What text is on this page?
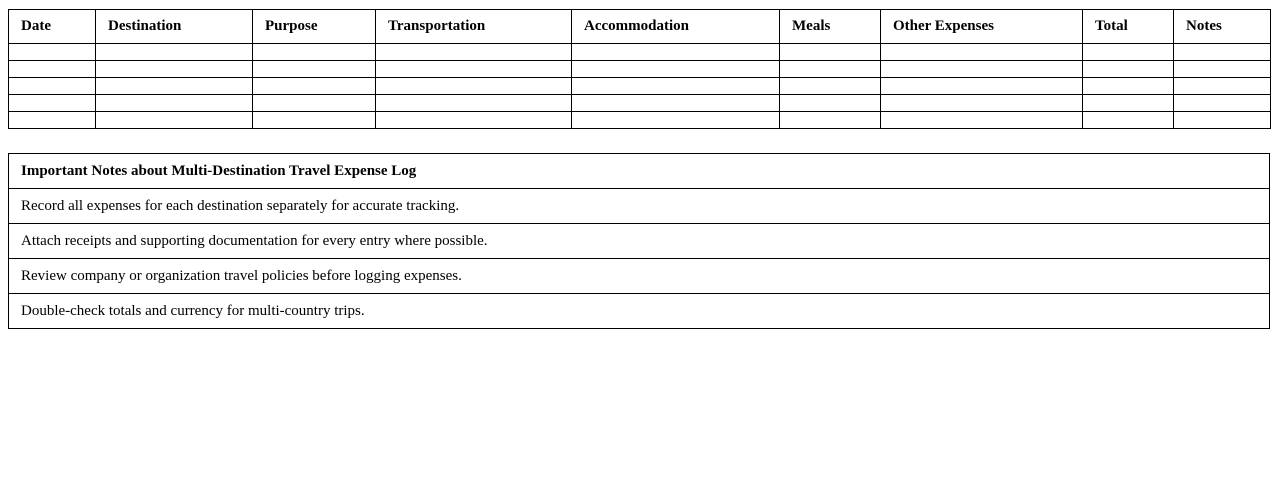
Date	Destination	Purpose	Transportation	Accommodation	Meals	Other Expenses	Total	Notes

Important Notes about Multi-Destination Travel Expense Log
Record all expenses for each destination separately for accurate tracking.
Attach receipts and supporting documentation for every entry where possible.
Review company or organization travel policies before logging expenses.
Double-check totals and currency for multi-country trips.
